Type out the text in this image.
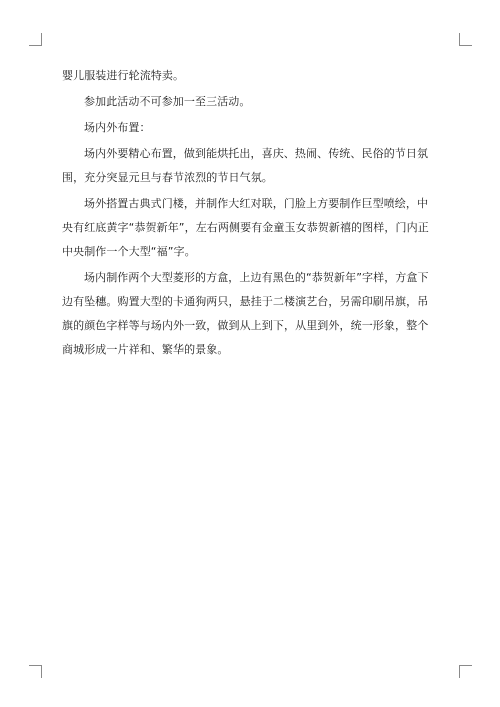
婴儿服装进行轮流特卖。

参加此活动不可参加一至三活动。

场内外布置：

场内外要精心布置，做到能烘托出，喜庆、热闹、传统、民俗的节日氛围，充分突显元旦与春节浓烈的节日气氛。

场外搭置古典式门楼，并制作大红对联，门脸上方要制作巨型喷绘，中央有红底黄字“恭贺新年”，左右两侧要有金童玉女恭贺新禧的图样，门内正中央制作一个大型“福”字。

场内制作两个大型菱形的方盒，上边有黑色的“恭贺新年”字样，方盒下边有坠穗。购置大型的卡通狗两只，悬挂于二楼演艺台，另需印刷吊旗，吊旗的颜色字样等与场内外一致，做到从上到下，从里到外，统一形象，整个商城形成一片祥和、繁华的景象。
